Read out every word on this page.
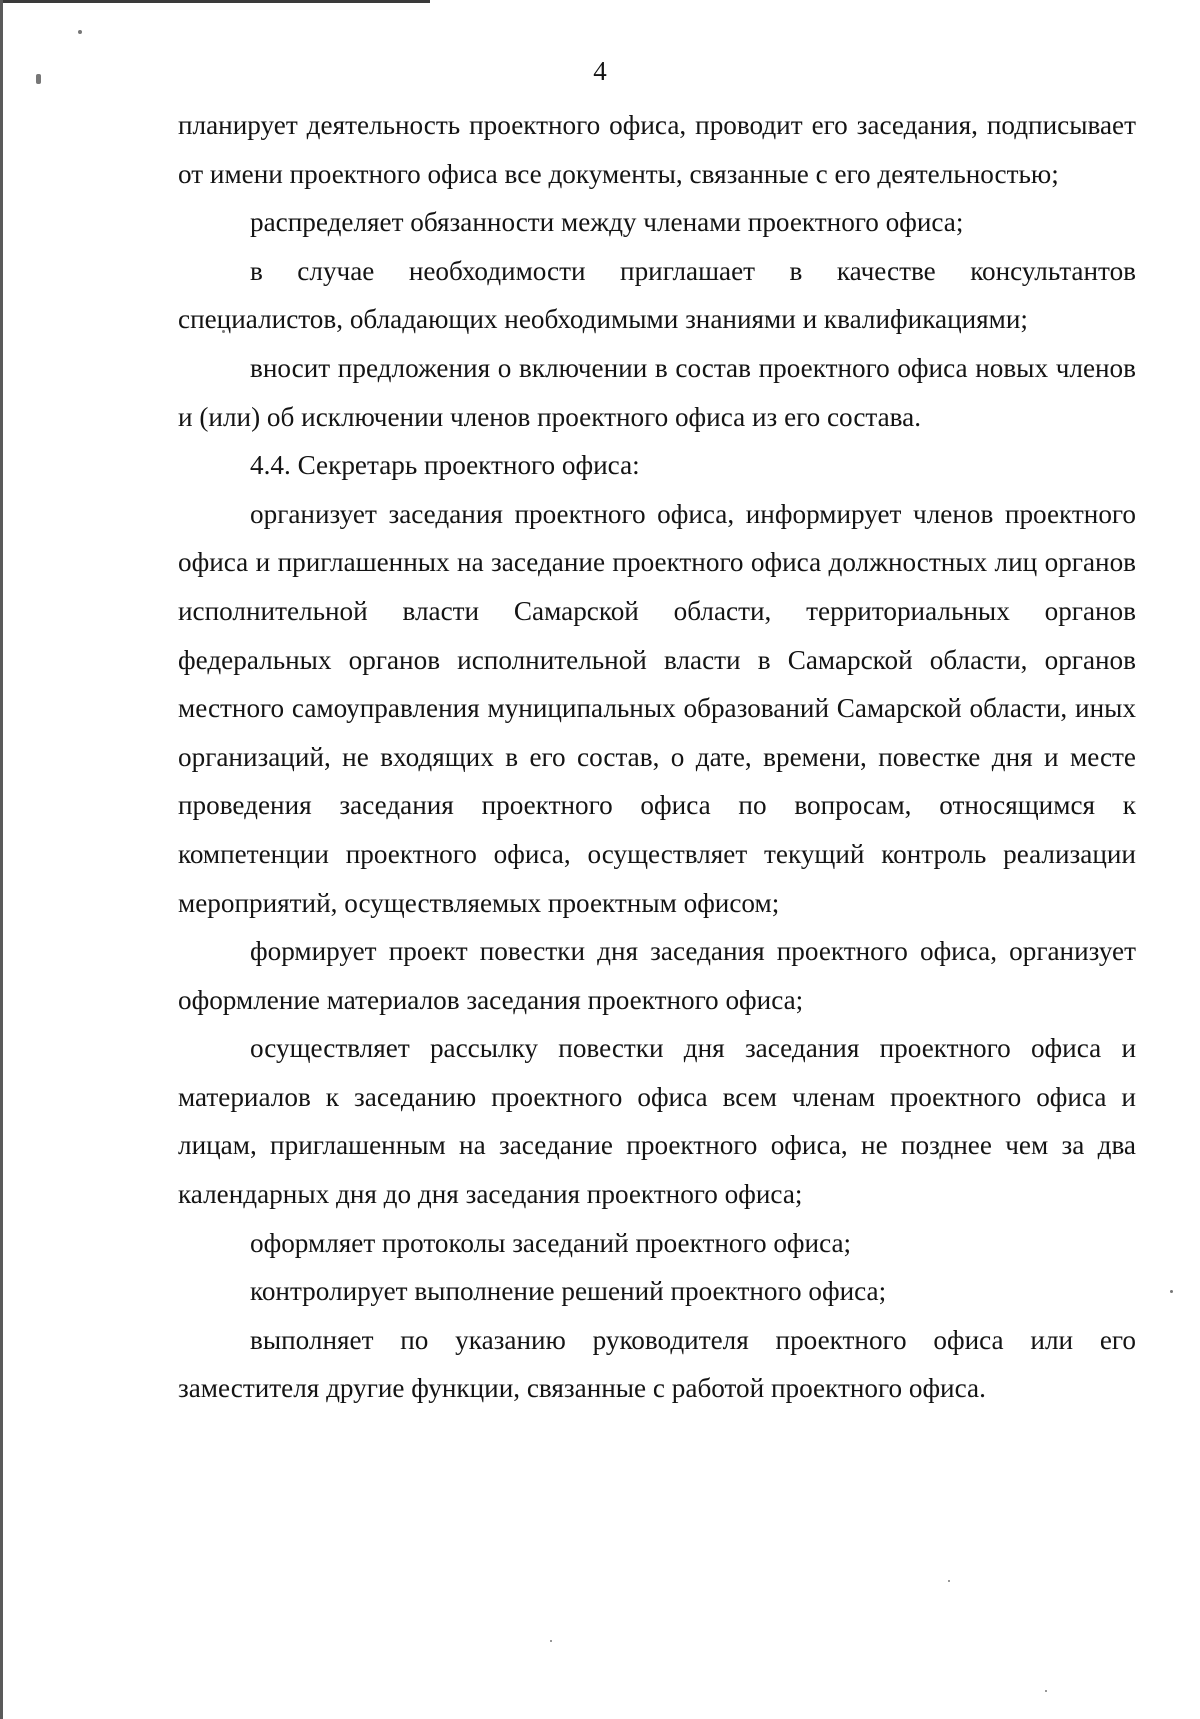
4

планирует деятельность проектного офиса, проводит его заседания, подписывает от имени проектного офиса все документы, связанные с его деятельностью;

распределяет обязанности между членами проектного офиса;

в случае необходимости приглашает в качестве консультантов специалистов, обладающих необходимыми знаниями и квалификациями;

вносит предложения о включении в состав проектного офиса новых членов и (или) об исключении членов проектного офиса из его состава.

4.4. Секретарь проектного офиса:

организует заседания проектного офиса, информирует членов проектного офиса и приглашенных на заседание проектного офиса должностных лиц органов исполнительной власти Самарской области, территориальных органов федеральных органов исполнительной власти в Самарской области, органов местного самоуправления муниципальных образований Самарской области, иных организаций, не входящих в его состав, о дате, времени, повестке дня и месте проведения заседания проектного офиса по вопросам, относящимся к компетенции проектного офиса, осуществляет текущий контроль реализации мероприятий, осуществляемых проектным офисом;

формирует проект повестки дня заседания проектного офиса, организует оформление материалов заседания проектного офиса;

осуществляет рассылку повестки дня заседания проектного офиса и материалов к заседанию проектного офиса всем членам проектного офиса и лицам, приглашенным на заседание проектного офиса, не позднее чем за два календарных дня до дня заседания проектного офиса;

оформляет протоколы заседаний проектного офиса;

контролирует выполнение решений проектного офиса;

выполняет по указанию руководителя проектного офиса или его заместителя другие функции, связанные с работой проектного офиса.
